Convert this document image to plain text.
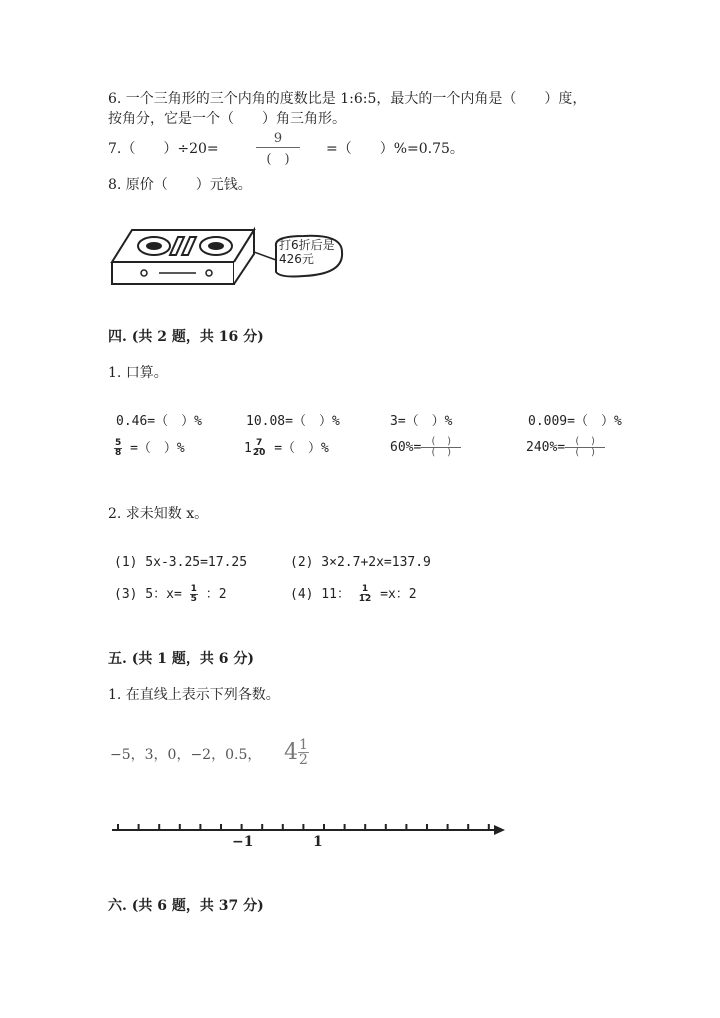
6. 一个三角形的三个内角的度数比是 1:6:5，最大的一个内角是（　　）度，
按角分，它是一个（　　）角三角形。
7.（　　）÷20=
9
(　)
=（　　）%=0.75。
8. 原价（　　）元钱。
打6折后是
426元
四. (共 2 题，共 16 分)
1. 口算。
0.46=（　）%	10.08=（　）%	3=（　）%	0.009=（　）%
$\frac{5}{8}$ =（　）%	$1 \frac{7}{20}$ =（　）%	$60\%= \frac{( )}{( )}$	$240\%= \frac{( )}{( )}$
2. 求未知数 x。
(1) 5x-3.25=17.25	(2) 3×2.7+2x=137.9
(3) 5：$x= \frac{1}{5}$ ：2	(4) 11： $\frac{1}{12} =x$：2
五. (共 1 题，共 6 分)
1. 在直线上表示下列各数。
−5，3，0，−2，0.5， $4 \frac{1}{2}$
−1	1
六. (共 6 题，共 37 分)
